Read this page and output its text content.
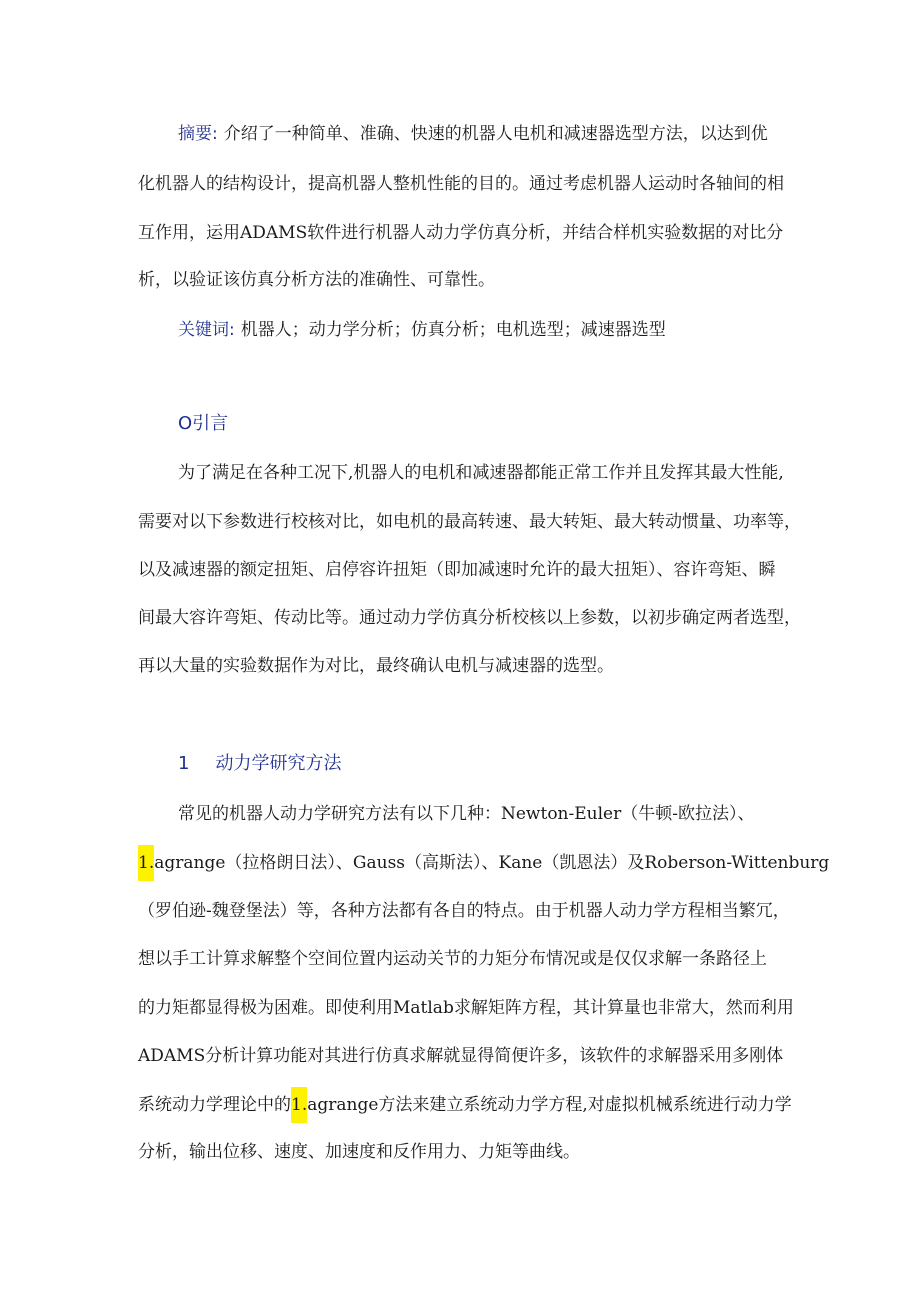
摘要: 介绍了一种简单、准确、快速的机器人电机和减速器选型方法，以达到优
化机器人的结构设计，提高机器人整机性能的目的。通过考虑机器人运动时各轴间的相
互作用，运用ADAMS软件进行机器人动力学仿真分析，并结合样机实验数据的对比分
析，以验证该仿真分析方法的准确性、可靠性。
关键词: 机器人；动力学分析；仿真分析；电机选型；减速器选型
O引言
为了满足在各种工况下,机器人的电机和减速器都能正常工作并且发挥其最大性能,
需要对以下参数进行校核对比，如电机的最高转速、最大转矩、最大转动惯量、功率等，
以及减速器的额定扭矩、启停容许扭矩（即加减速时允许的最大扭矩）、容许弯矩、瞬
间最大容许弯矩、传动比等。通过动力学仿真分析校核以上参数，以初步确定两者选型，
再以大量的实验数据作为对比，最终确认电机与减速器的选型。
1 动力学研究方法
常见的机器人动力学研究方法有以下几种：Newton-Euler（牛顿-欧拉法）、
1.agrange（拉格朗日法）、Gauss（高斯法）、Kane（凯恩法）及Roberson-Wittenburg
（罗伯逊-魏登堡法）等，各种方法都有各自的特点。由于机器人动力学方程相当繁冗，
想以手工计算求解整个空间位置内运动关节的力矩分布情况或是仅仅求解一条路径上
的力矩都显得极为困难。即使利用Matlab求解矩阵方程，其计算量也非常大，然而利用
ADAMS分析计算功能对其进行仿真求解就显得简便许多，该软件的求解器采用多刚体
系统动力学理论中的1.agrange方法来建立系统动力学方程,对虚拟机械系统进行动力学
分析，输出位移、速度、加速度和反作用力、力矩等曲线。
